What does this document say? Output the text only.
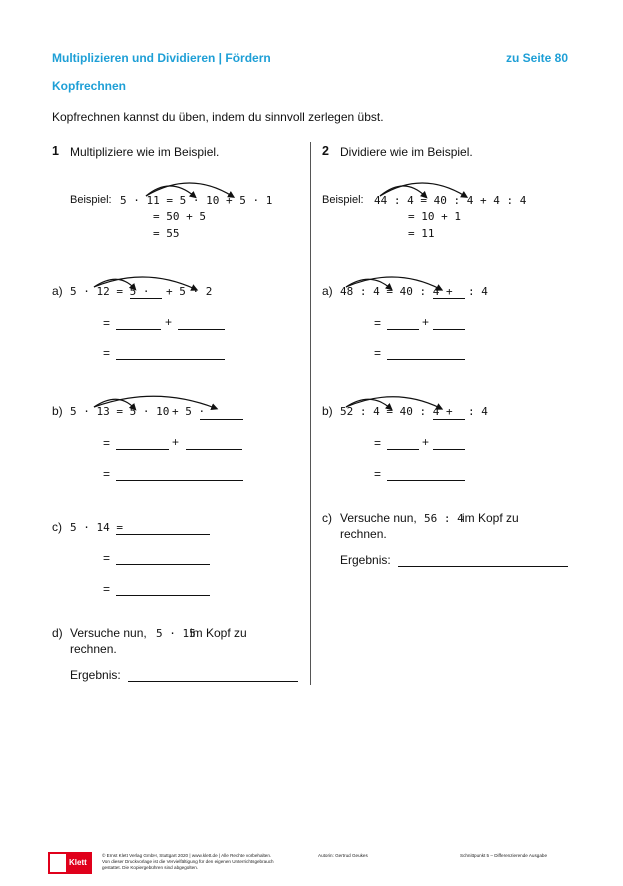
Multiplizieren und Dividieren | Fördern	zu Seite 80
Kopfrechnen
Kopfrechnen kannst du üben, indem du sinnvoll zerlegen übst.
1 Multipliziere wie im Beispiel.
Beispiel: 5 · 11 = 5 · 10 + 5 · 1
= 50 + 5
= 55
a) 5 · 12 = 5 · + 5 · 2
=	+
=
b) 5 · 13 = 5 · 10 + 5 ·
=	+
=
c) 5 · 14 =
=
=
d) Versuche nun, 5 · 15
im Kopf zu
rechnen.
Ergebnis:
2 Dividiere wie im Beispiel.
Beispiel: 44 : 4 = 40 : 4 + 4 : 4
= 10 + 1
= 11
a) 48 : 4 = 40 : 4 + : 4
=	+
=
b) 52 : 4 = 40 : 4 + : 4
=	+
=
c) Versuche nun, 56 : 4
im Kopf zu
rechnen.
Ergebnis:
Klett
© Ernst Klett Verlag GmbH, Stuttgart 2020 | www.klett.de | Alle Rechte vorbehalten.
Von dieser Druckvorlage ist die Vervielfältigung für den eigenen Unterrichtsgebrauch
gestattet. Die Kopiergebühren sind abgegolten.
Autorin: Gertrud Geukes	Schnittpunkt 5 – Differenzierende Ausgabe
